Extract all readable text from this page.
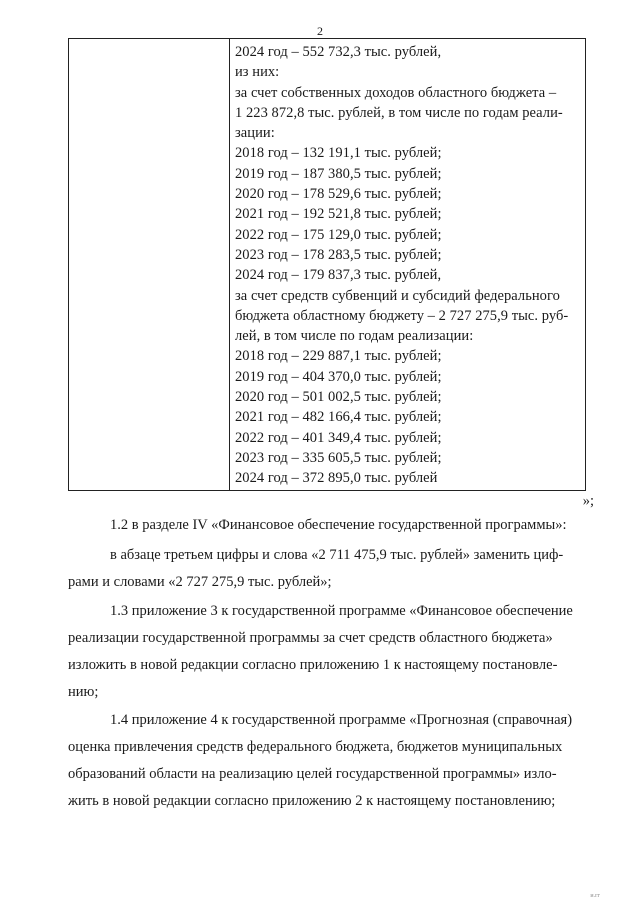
2
2024 год – 552 732,3 тыс. рублей,
из них:
за счет собственных доходов областного бюджета –
1 223 872,8 тыс. рублей, в том числе по годам реали-
зации:
2018 год – 132 191,1 тыс. рублей;
2019 год – 187 380,5 тыс. рублей;
2020 год – 178 529,6 тыс. рублей;
2021 год – 192 521,8 тыс. рублей;
2022 год – 175 129,0 тыс. рублей;
2023 год – 178 283,5 тыс. рублей;
2024 год – 179 837,3 тыс. рублей,
за счет средств субвенций и субсидий федерального
бюджета областному бюджету – 2 727 275,9 тыс. руб-
лей, в том числе по годам реализации:
2018 год – 229 887,1 тыс. рублей;
2019 год – 404 370,0 тыс. рублей;
2020 год – 501 002,5 тыс. рублей;
2021 год – 482 166,4 тыс. рублей;
2022 год – 401 349,4 тыс. рублей;
2023 год – 335 605,5 тыс. рублей;
2024 год – 372 895,0 тыс. рублей
»;
1.2 в разделе IV «Финансовое обеспечение государственной программы»:
в абзаце третьем цифры и слова «2 711 475,9 тыс. рублей» заменить циф-
рами и словами «2 727 275,9 тыс. рублей»;
1.3 приложение 3 к государственной программе «Финансовое обеспечение
реализации государственной программы за счет средств областного бюджета»
изложить в новой редакции согласно приложению 1 к настоящему постановле-
нию;
1.4 приложение 4 к государственной программе «Прогнозная (справочная)
оценка привлечения средств федерального бюджета, бюджетов муниципальных
образований области на реализацию целей государственной программы» изло-
жить в новой редакции согласно приложению 2 к настоящему постановлению;
и.гг
